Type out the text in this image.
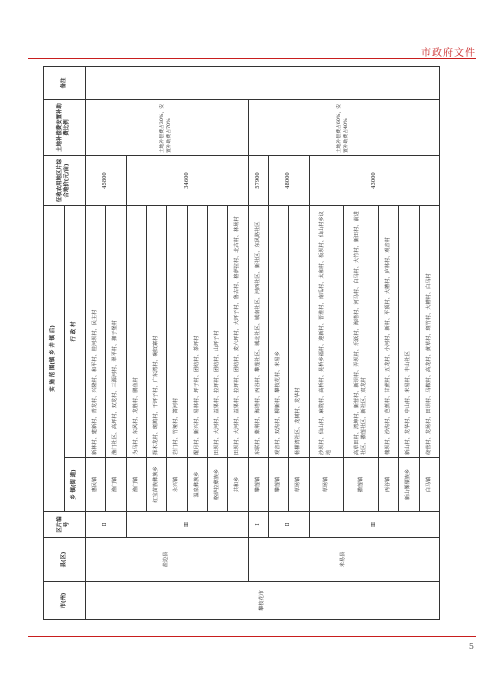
市政府文件
市(州)	县(区)	区片编号	实 施 范 围(镇 乡 井 镇 后)		征收农用地区片综合地价(元/亩)	土地补偿费安置补助费比例	备注
			乡 镇(街 道)	行 政 村			
攀枝花市	盐边县	Ⅱ	惠民镇	新林村、建新村、青龙村、兴隆村、和平村、桂河坝村、民主村	45800	土地补偿费占30%，安置补助费占70%	
			渔门镇	渔门社区、高坪村、双龙村、三源河村、翠平村、狮子堡村			
		Ⅲ	渔门镇	为马村、东风村、龙胜村、鹏鱼村	34600		
			红宝苗族彝族乡	择木龙村、斑鸠村、干坪子村、广东湾村、碗钗寨村			
			永兴镇	岩门村、竹垭村、箐河村			
			温泉彝族乡	醒月村、新兴村、易林村、坪子村、团结村、茶坪村			
			格萨拉彝族乡	田坝村、大河村、益果村、拉坪村、团结村、山坪子村			
			共和乡	田坝村、大河村、益果村、拉坪村、团结村、麦六坪村、大坪子村、鲁古村、格萨拉村、北古村、林场村			
	米易县	Ⅰ	攀莲镇	东联村、紫荆村、海塔村、丙谷村、攀莲社区、城北社区、城南社区、河西社区、新社区、东风路社区	57900	土地补偿费占60%，安置补助费占40%	
		Ⅱ	攀莲镇	观音村、双沟村、柳新村、攀枝花村、米易乡	48000		
			草场镇	杨柳湾社区、龙树村、龙华村			
		Ⅲ	草场镇	沙坝村、仙山村、麻陇村、高桥村、晃桥乡福村、迎新村、晋淮村、南瓜村、太和村、板坝村、仙山村乡议地	43000		
			撒莲镇	高草田村、湾坤村、新营村、新坝村、弄坝村、乐跃村、海塔村、河马村、白马村、大竹村、新田村、前进社区、撒莲社区、新社区、双龙村			
			丙谷镇	槐坝村、沙沟村、芭蕉村、甘蔗村、五龙村、小河村、新村、平顶村、大槽村、庐林村、观音村			
			新山傈僳族乡	新山村、龙华村、中山村、米易村、丰山社区			
			白马镇	绕营村、龙场村、田坝村、马鞍村、高龙村、黄草村、斑竹村、大槽村、白马村			
5
